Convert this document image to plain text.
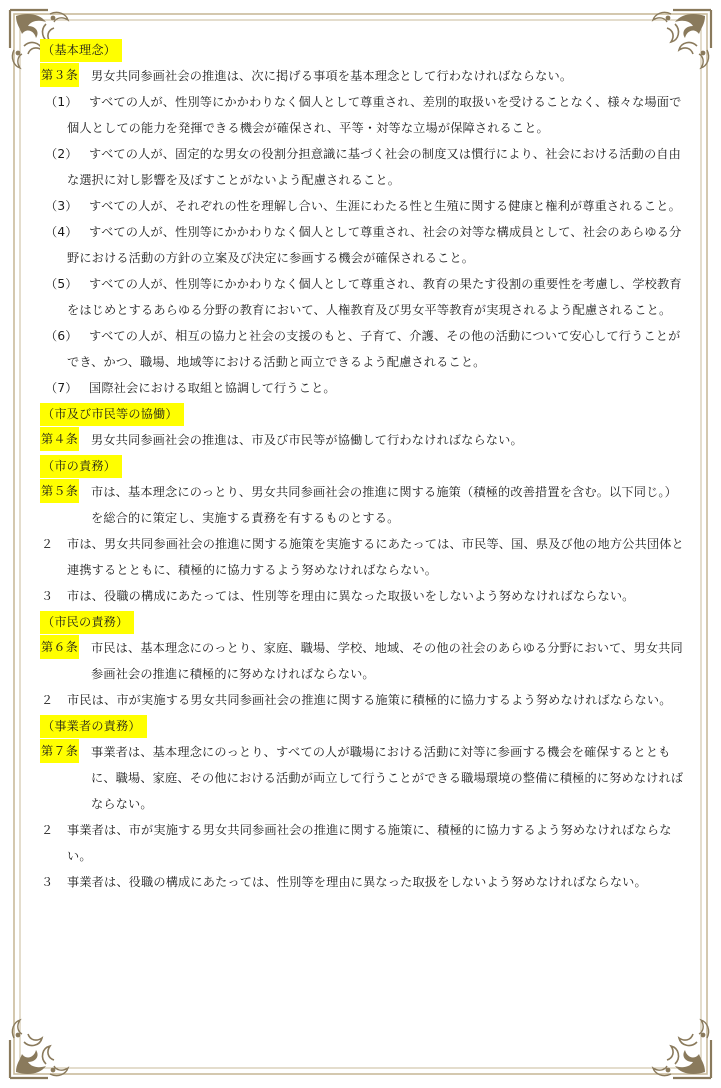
（基本理念）
第３条 男女共同参画社会の推進は、次に掲げる事項を基本理念として行わなければならない。
（1） すべての人が、性別等にかかわりなく個人として尊重され、差別的取扱いを受けることなく、様々な場面で個人としての能力を発揮できる機会が確保され、平等・対等な立場が保障されること。
（2） すべての人が、固定的な男女の役割分担意識に基づく社会の制度又は慣行により、社会における活動の自由な選択に対し影響を及ぼすことがないよう配慮されること。
（3） すべての人が、それぞれの性を理解し合い、生涯にわたる性と生殖に関する健康と権利が尊重されること。
（4） すべての人が、性別等にかかわりなく個人として尊重され、社会の対等な構成員として、社会のあらゆる分野における活動の方針の立案及び決定に参画する機会が確保されること。
（5） すべての人が、性別等にかかわりなく個人として尊重され、教育の果たす役割の重要性を考慮し、学校教育をはじめとするあらゆる分野の教育において、人権教育及び男女平等教育が実現されるよう配慮されること。
（6） すべての人が、相互の協力と社会の支援のもと、子育て、介護、その他の活動について安心して行うことができ、かつ、職場、地域等における活動と両立できるよう配慮されること。
（7） 国際社会における取組と協調して行うこと。
（市及び市民等の協働）
第４条 男女共同参画社会の推進は、市及び市民等が協働して行わなければならない。
（市の責務）
第５条 市は、基本理念にのっとり、男女共同参画社会の推進に関する施策（積極的改善措置を含む。以下同じ。）を総合的に策定し、実施する責務を有するものとする。
２ 市は、男女共同参画社会の推進に関する施策を実施するにあたっては、市民等、国、県及び他の地方公共団体と連携するとともに、積極的に協力するよう努めなければならない。
３ 市は、役職の構成にあたっては、性別等を理由に異なった取扱いをしないよう努めなければならない。
（市民の責務）
第６条 市民は、基本理念にのっとり、家庭、職場、学校、地域、その他の社会のあらゆる分野において、男女共同参画社会の推進に積極的に努めなければならない。
２ 市民は、市が実施する男女共同参画社会の推進に関する施策に積極的に協力するよう努めなければならない。
（事業者の責務）
第７条 事業者は、基本理念にのっとり、すべての人が職場における活動に対等に参画する機会を確保するとともに、職場、家庭、その他における活動が両立して行うことができる職場環境の整備に積極的に努めなければならない。
２ 事業者は、市が実施する男女共同参画社会の推進に関する施策に、積極的に協力するよう努めなければならない。
３ 事業者は、役職の構成にあたっては、性別等を理由に異なった取扱をしないよう努めなければならない。
